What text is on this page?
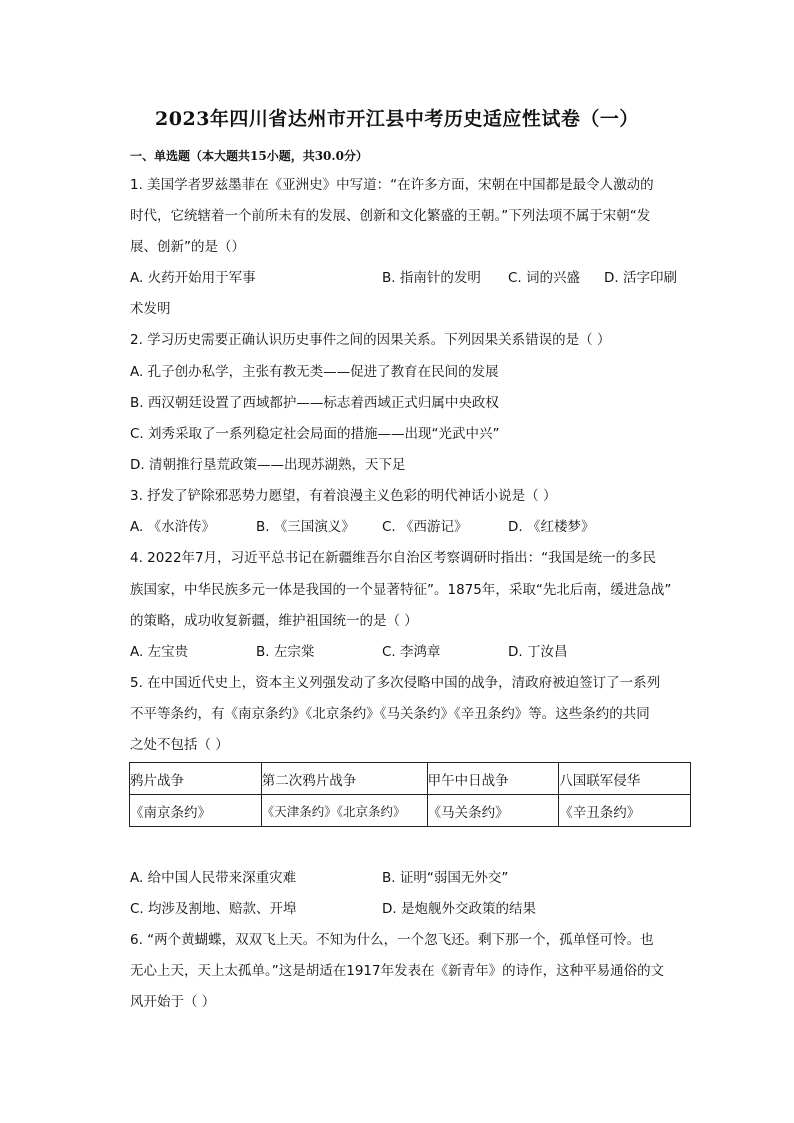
2023年四川省达州市开江县中考历史适应性试卷（一）
一、单选题（本大题共15小题，共30.0分）
1. 美国学者罗兹墨菲在《亚洲史》中写道：“在许多方面，宋朝在中国都是最令人激动的
时代，它统辖着一个前所未有的发展、创新和文化繁盛的王朝。”下列法项不属于宋朝“发
展、创新”的是（）
A. 火药开始用于军事	B. 指南针的发明 C. 词的兴盛 D. 活字印刷
术发明
2. 学习历史需要正确认识历史事件之间的因果关系。下列因果关系错误的是（ ）
A. 孔子创办私学，主张有教无类——促进了教育在民间的发展
B. 西汉朝廷设置了西域都护——标志着西域正式归属中央政权
C. 刘秀采取了一系列稳定社会局面的措施——出现“光武中兴”
D. 清朝推行垦荒政策——出现苏湖熟，天下足
3. 抒发了铲除邪恶势力愿望，有着浪漫主义色彩的明代神话小说是（ ）
A. 《水浒传》	B. 《三国演义》 C. 《西游记》	D. 《红楼梦》
4. 2022年7月，习近平总书记在新疆维吾尔自治区考察调研时指出：“我国是统一的多民
族国家，中华民族多元一体是我国的一个显著特征”。1875年，采取“先北后南，缓进急战”
的策略，成功收复新疆，维护祖国统一的是（ ）
A. 左宝贵	B. 左宗棠	C. 李鸿章	D. 丁汝昌
5. 在中国近代史上，资本主义列强发动了多次侵略中国的战争，清政府被迫签订了一系列
不平等条约，有《南京条约》《北京条约》《马关条约》《辛丑条约》等。这些条约的共同
之处不包括（ ）
鸦片战争	第二次鸦片战争	甲午中日战争	八国联军侵华
《南京条约》	《天津条约》《北京条约》	《马关条约》	《辛丑条约》
A. 给中国人民带来深重灾难	B. 证明“弱国无外交”
C. 均涉及割地、赔款、开埠	D. 是炮舰外交政策的结果
6. “两个黄蝴蝶，双双飞上天。不知为什么，一个忽飞还。剩下那一个，孤单怪可怜。也
无心上天，天上太孤单。”这是胡适在1917年发表在《新青年》的诗作，这种平易通俗的文
风开始于（ ）
